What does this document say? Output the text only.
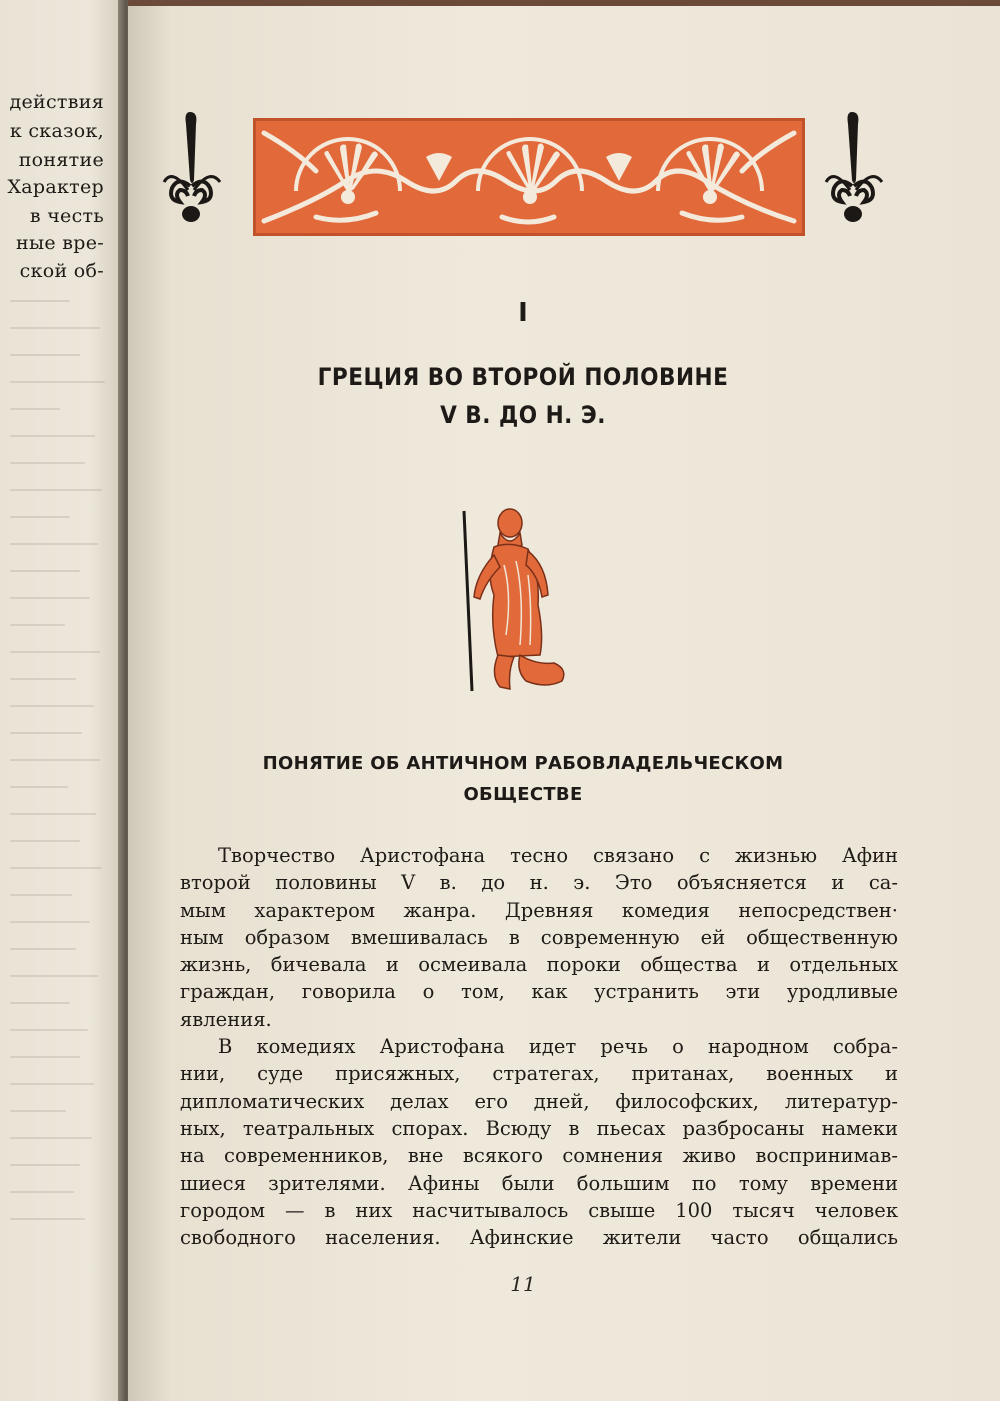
действия
к сказок,
понятие
Характер
в честь
ные вре-
ской об-
I
ГРЕЦИЯ ВО ВТОРОЙ ПОЛОВИНЕ
V В. ДО Н. Э.
ПОНЯТИЕ ОБ АНТИЧНОМ РАБОВЛАДЕЛЬЧЕСКОМ
ОБЩЕСТВЕ
Творчество Аристофана тесно связано с жизнью Афин
второй половины V в. до н. э. Это объясняется и са-
мым характером жанра. Древняя комедия непосредствен·
ным образом вмешивалась в современную ей общественную
жизнь, бичевала и осмеивала пороки общества и отдельных
граждан, говорила о том, как устранить эти уродливые
явления.
В комедиях Аристофана идет речь о народном собра-
нии, суде присяжных, стратегах, пританах, военных и
дипломатических делах его дней, философских, литератур-
ных, театральных спорах. Всюду в пьесах разбросаны намеки
на современников, вне всякого сомнения живо воспринимав-
шиеся зрителями. Афины были большим по тому времени
городом — в них насчитывалось свыше 100 тысяч человек
свободного населения. Афинские жители часто общались
11
